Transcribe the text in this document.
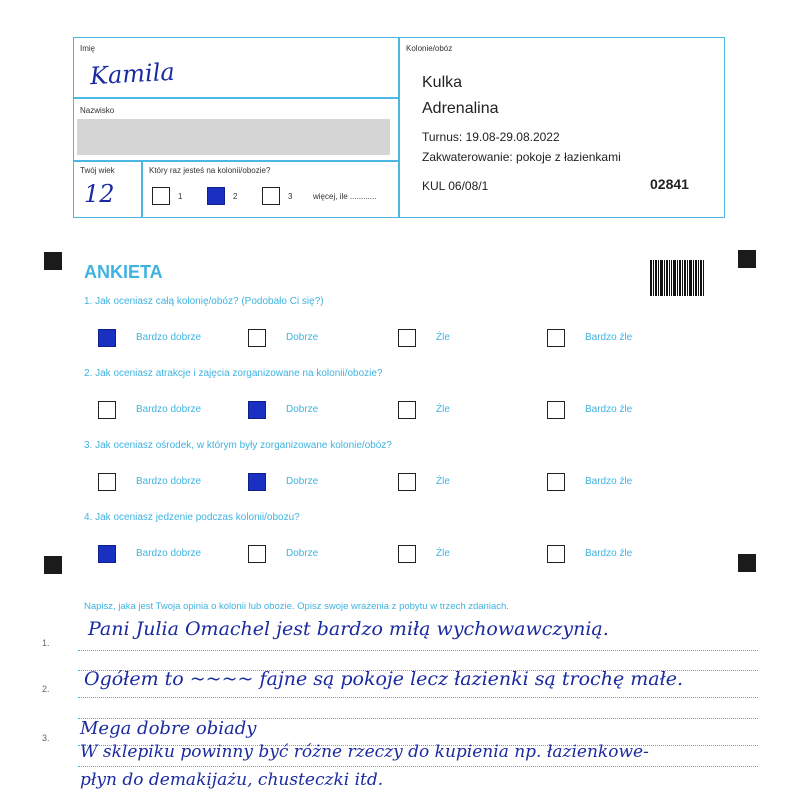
Imię
Kamila
Nazwisko
Twój wiek
12
Który raz jesteś na kolonii/obozie?
1	2	3	więcej, ile ............
Kolonie/obóz
Kulka
Adrenalina
Turnus: 19.08-29.08.2022
Zakwaterowanie: pokoje z łazienkami
KUL 06/08/1	02841
ANKIETA
1. Jak oceniasz całą kolonię/obóz? (Podobało Ci się?)
Bardzo dobrze	Dobrze	Źle	Bardzo źle
2. Jak oceniasz atrakcje i zajęcia zorganizowane na kolonii/obozie?
Bardzo dobrze	Dobrze	Źle	Bardzo źle
3. Jak oceniasz ośrodek, w którym były zorganizowane kolonie/obóz?
Bardzo dobrze	Dobrze	Źle	Bardzo źle
4. Jak oceniasz jedzenie podczas kolonii/obozu?
Bardzo dobrze	Dobrze	Źle	Bardzo źle
Napisz, jaka jest Twoja opinia o kolonii lub obozie. Opisz swoje wrażenia z pobytu w trzech zdaniach.
1.
2.
3.
Pani Julia Omachel jest bardzo miłą wychowawczynią.
Ogółem to ~~~~ fajne są pokoje lecz łazienki są trochę małe.
Mega dobre obiady
W sklepiku powinny być różne rzeczy do kupienia np. łazienkowe-
płyn do demakijażu, chusteczki itd.
